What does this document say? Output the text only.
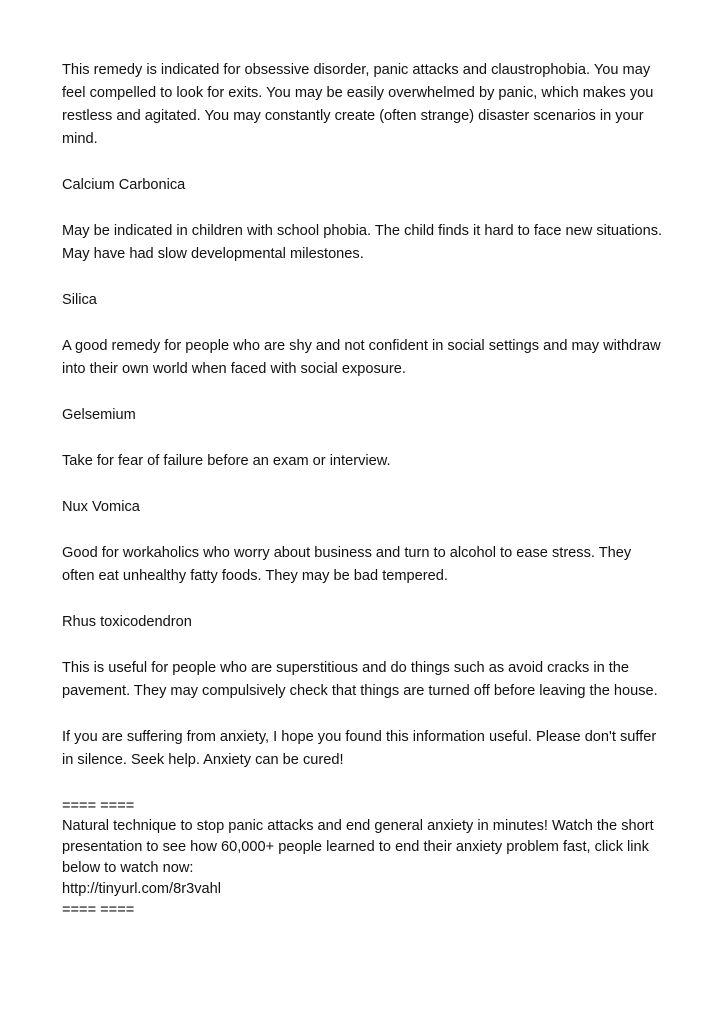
This remedy is indicated for obsessive disorder, panic attacks and claustrophobia. You may
feel compelled to look for exits. You may be easily overwhelmed by panic, which makes you
restless and agitated. You may constantly create (often strange) disaster scenarios in your
mind.
Calcium Carbonica
May be indicated in children with school phobia. The child finds it hard to face new situations.
May have had slow developmental milestones.
Silica
A good remedy for people who are shy and not confident in social settings and may withdraw
into their own world when faced with social exposure.
Gelsemium
Take for fear of failure before an exam or interview.
Nux Vomica
Good for workaholics who worry about business and turn to alcohol to ease stress. They
often eat unhealthy fatty foods. They may be bad tempered.
Rhus toxicodendron
This is useful for people who are superstitious and do things such as avoid cracks in the
pavement. They may compulsively check that things are turned off before leaving the house.
If you are suffering from anxiety, I hope you found this information useful. Please don't suffer
in silence. Seek help. Anxiety can be cured!
==== ====
Natural technique to stop panic attacks and end general anxiety in minutes! Watch the short
presentation to see how 60,000+ people learned to end their anxiety problem fast, click link
below to watch now:
http://tinyurl.com/8r3vahl
==== ====
